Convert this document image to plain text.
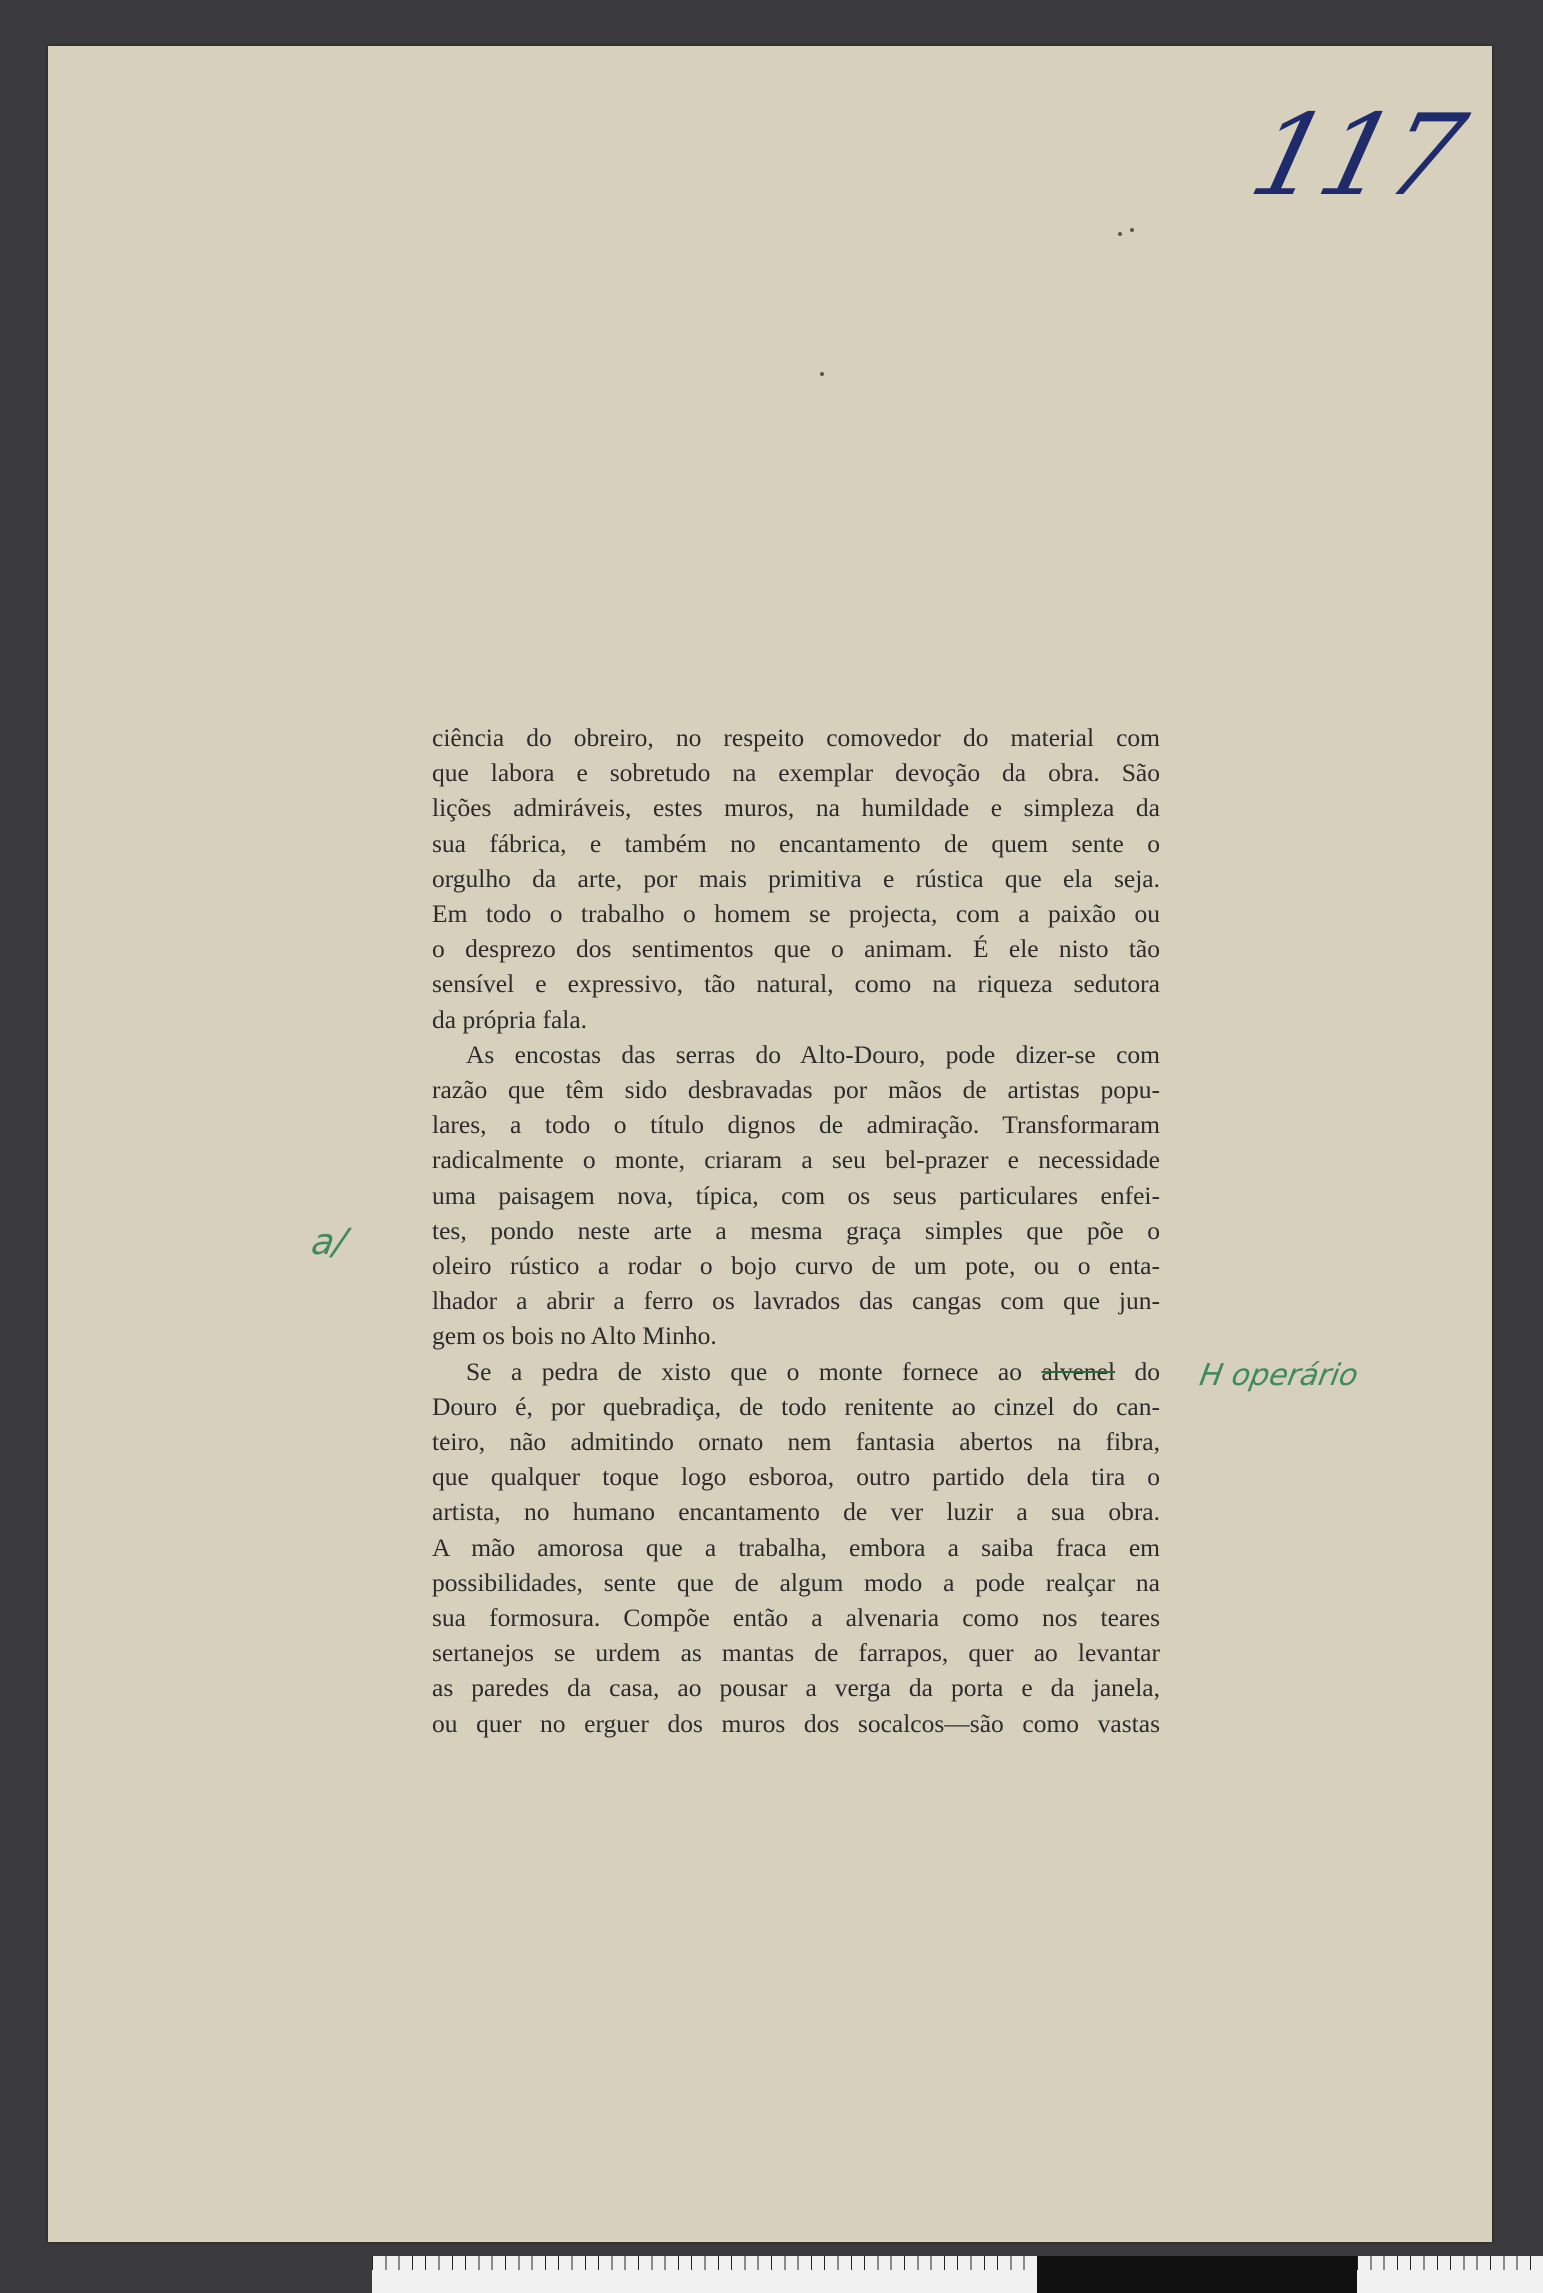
117
a/
H operário

ciência do obreiro, no respeito comovedor do material com

que labora e sobretudo na exemplar devoção da obra. São

lições admiráveis, estes muros, na humildade e simpleza da

sua fábrica, e também no encantamento de quem sente o

orgulho da arte, por mais primitiva e rústica que ela seja.

Em todo o trabalho o homem se projecta, com a paixão ou

o desprezo dos sentimentos que o animam. É ele nisto tão

sensível e expressivo, tão natural, como na riqueza sedutora

da própria fala.

As encostas das serras do Alto-Douro, pode dizer-se com

razão que têm sido desbravadas por mãos de artistas popu-

lares, a todo o título dignos de admiração. Transformaram

radicalmente o monte, criaram a seu bel-prazer e necessidade

uma paisagem nova, típica, com os seus particulares enfei-

tes, pondo neste arte a mesma graça simples que põe o

oleiro rústico a rodar o bojo curvo de um pote, ou o enta-

lhador a abrir a ferro os lavrados das cangas com que jun-

gem os bois no Alto Minho.

Se a pedra de xisto que o monte fornece ao alvenel do

Douro é, por quebradiça, de todo renitente ao cinzel do can-

teiro, não admitindo ornato nem fantasia abertos na fibra,

que qualquer toque logo esboroa, outro partido dela tira o

artista, no humano encantamento de ver luzir a sua obra.

A mão amorosa que a trabalha, embora a saiba fraca em

possibilidades, sente que de algum modo a pode realçar na

sua formosura. Compõe então a alvenaria como nos teares

sertanejos se urdem as mantas de farrapos, quer ao levantar

as paredes da casa, ao pousar a verga da porta e da janela,

ou quer no erguer dos muros dos socalcos—são como vastas
